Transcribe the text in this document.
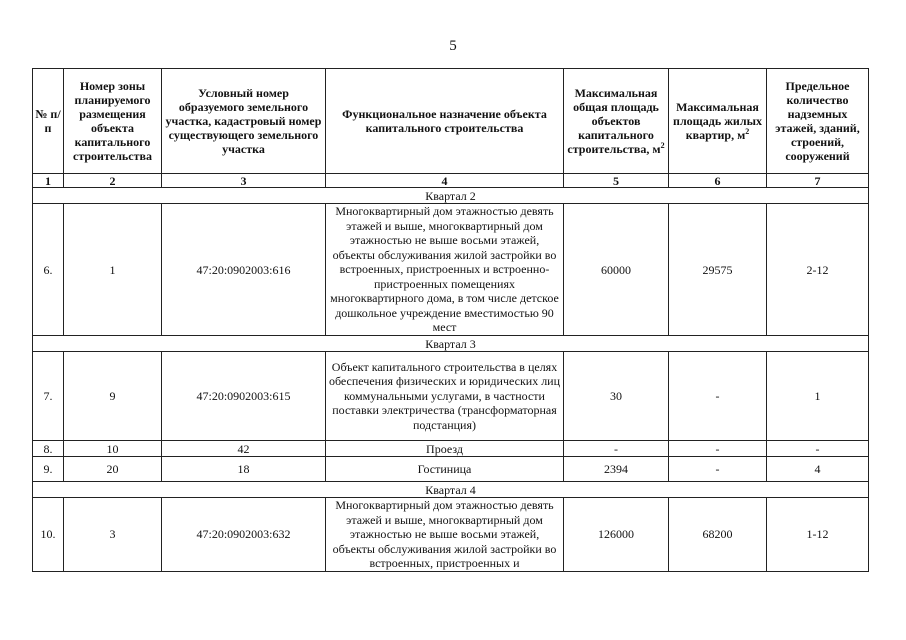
5
№ п/п	Номер зоны планируемого размещения объекта капитального строительства	Условный номер образуемого земельного участка, кадастровый номер существующего земельного участка	Функциональное назначение объекта капитального строительства	Максимальная общая площадь объектов капитального строительства, $м^2$	Максимальная площадь жилых квартир, $м^2$	Предельное количество надземных этажей, зданий, строений, сооружений
1	2	3	4	5	6	7
Квартал 2						
6.	1	47:20:0902003:616	Многоквартирный дом этажностью девять этажей и выше, многоквартирный дом этажностью не выше восьми этажей, объекты обслуживания жилой застройки во встроенных, пристроенных и встроенно-пристроенных помещениях многоквартирного дома, в том числе детское дошкольное учреждение вместимостью 90 мест	60000	29575	2-12
Квартал 3						
7.	9	47:20:0902003:615	Объект капитального строительства в целях обеспечения физических и юридических лиц коммунальными услугами, в частности поставки электричества (трансформаторная подстанция)	30	-	1
8.	10	42	Проезд	-	-	-
9.	20	18	Гостиница	2394	-	4
Квартал 4						
10.	3	47:20:0902003:632	Многоквартирный дом этажностью девять этажей и выше, многоквартирный дом этажностью не выше восьми этажей, объекты обслуживания жилой застройки во встроенных, пристроенных и	126000	68200	1-12
